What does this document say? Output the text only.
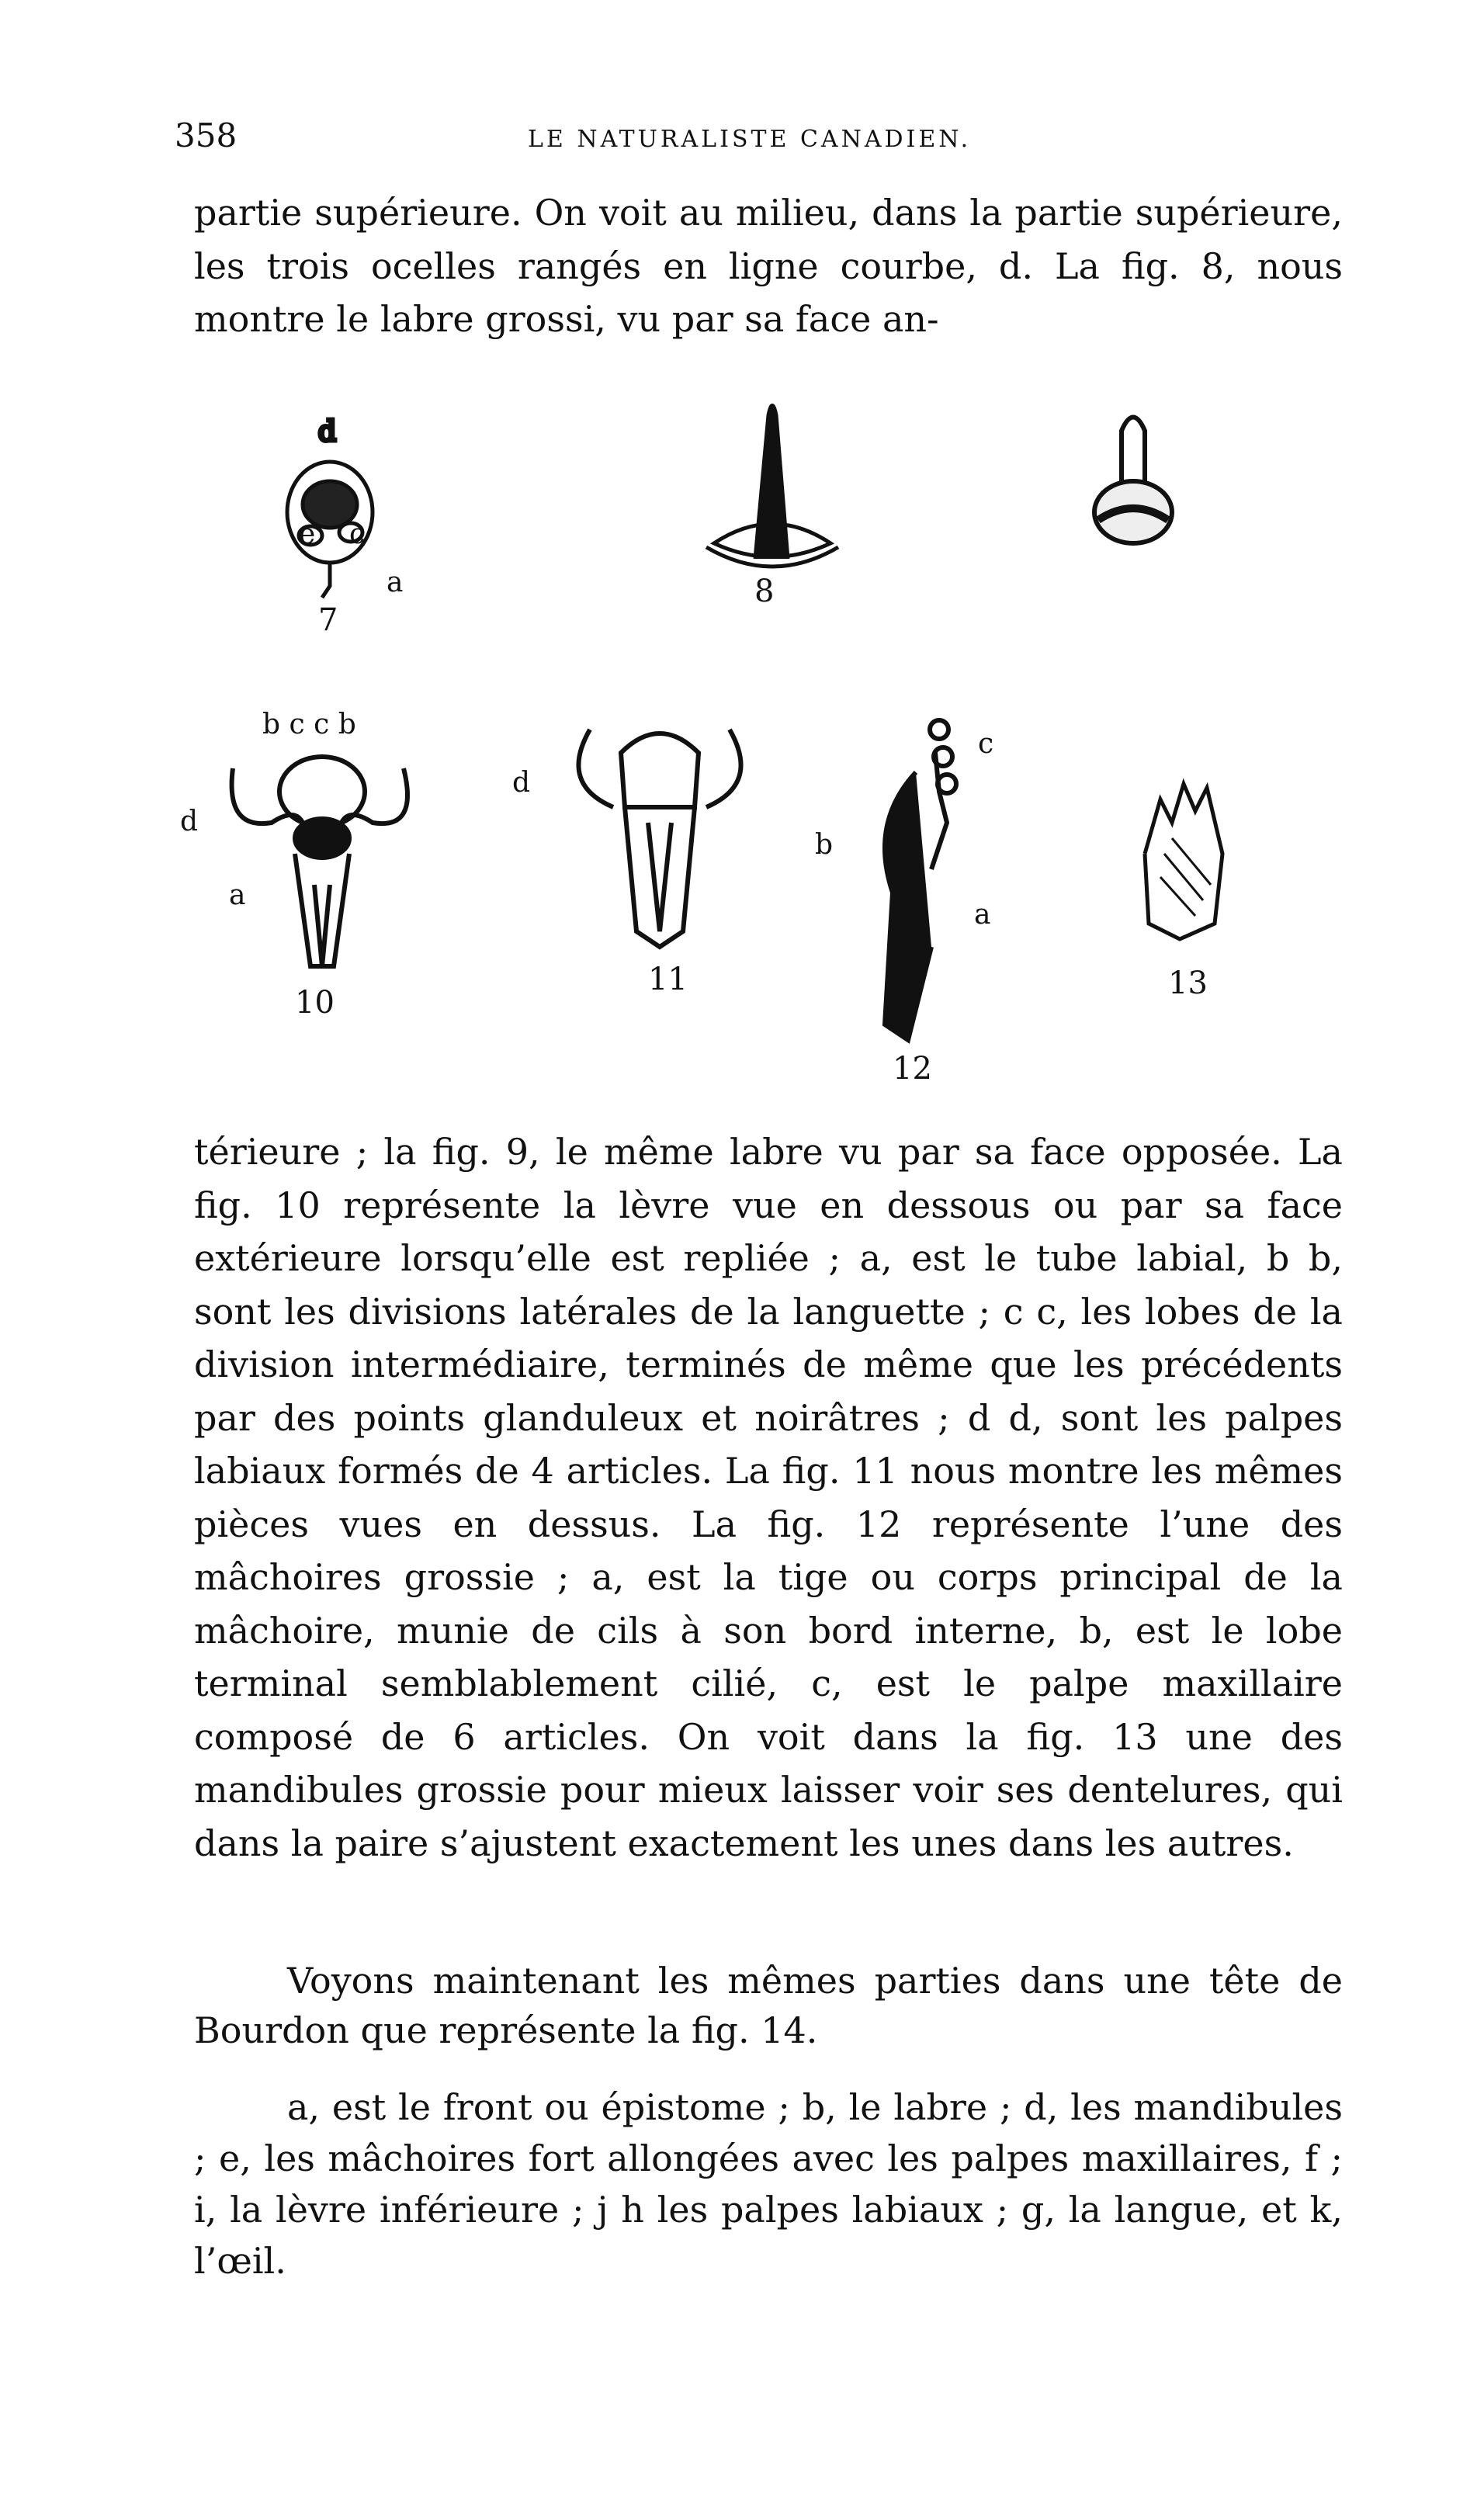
358	LE NATURALISTE CANADIEN.

partie supérieure. On voit au milieu, dans la partie supérieure, les trois ocelles rangés en ligne courbe, d. La fig. 8, nous montre le labre grossi, vu par sa face an-

d
e c
a
7
8
b c c b
d
a
10
d
11
c
b
a
12
13

térieure ; la fig. 9, le même labre vu par sa face opposée. La fig. 10 représente la lèvre vue en dessous ou par sa face extérieure lorsqu’elle est repliée ; a, est le tube labial, b b, sont les divisions latérales de la languette ; c c, les lobes de la division intermédiaire, terminés de même que les précédents par des points glanduleux et noirâtres ; d d, sont les palpes labiaux formés de 4 articles. La fig. 11 nous montre les mêmes pièces vues en dessus. La fig. 12 représente l’une des mâchoires grossie ; a, est la tige ou corps principal de la mâchoire, munie de cils à son bord interne, b, est le lobe terminal semblablement cilié, c, est le palpe maxillaire composé de 6 articles. On voit dans la fig. 13 une des mandibules grossie pour mieux laisser voir ses dentelures, qui dans la paire s’ajustent exactement les unes dans les autres.

Voyons maintenant les mêmes parties dans une tête de Bourdon que représente la fig. 14.

a, est le front ou épistome ; b, le labre ; d, les mandibules ; e, les mâchoires fort allongées avec les palpes maxillaires, f ; i, la lèvre inférieure ; j h les palpes labiaux ; g, la langue, et k, l’œil.
